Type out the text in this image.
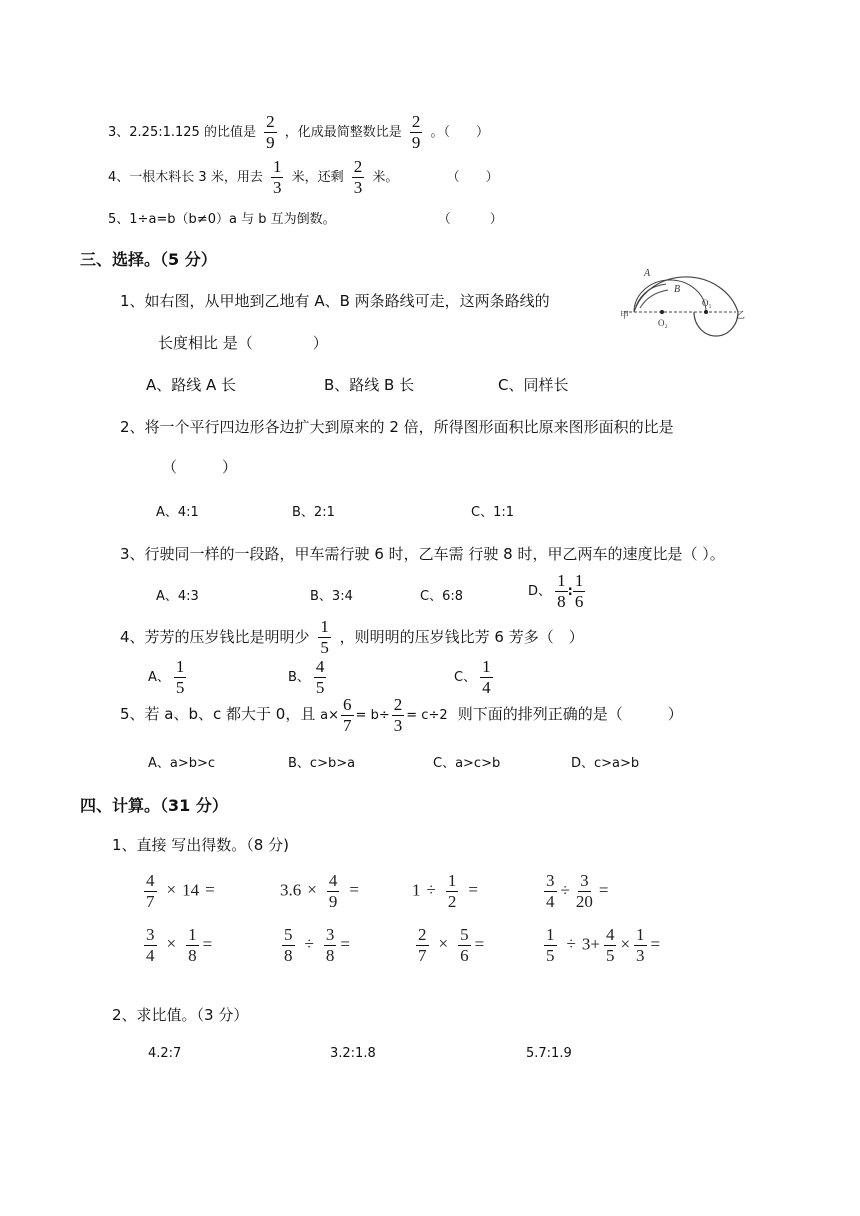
3、2.25:1.125 的比值是 $\frac{2}{9}$ ，化成最简整数比是 $\frac{2}{9}$ 。（　　）
4、一根木料长 3 米，用去 $\frac{1}{3}$ 米，还剩 $\frac{2}{3}$ 米。	（　　）
5、1÷a=b（b≠0）a 与 b 互为倒数。	（　　　）
三、选择。（5 分）
1、如右图，从甲地到乙地有 A、B 两条路线可走，这两条路线的
长度相比 是（　　　　）
A
B
O₁
O₂
甲	乙
A、路线 A 长	B、路线 B 长	C、同样长
2、将一个平行四边形各边扩大到原来的 2 倍，所得图形面积比原来图形面积的比是
（　　　）
A、4:1	B、2:1	C、1:1
3、行驶同一样的一段路，甲车需行驶 6 时，乙车需 行驶 8 时，甲乙两车的速度比是（ ）。
A、4:3	B、3:4	C、6:8	D、 $\frac{1}{8}$ : $\frac{1}{6}$
4、芳芳的压岁钱比是明明少 $\frac{1}{5}$ ，则明明的压岁钱比芳 6 芳多（　）
A、 $\frac{1}{5}$	B、 $\frac{4}{5}$	C、 $\frac{1}{4}$
5、若 a、b、c 都大于 0，且 $a\times \frac{6}{7} = b\div \frac{2}{3} = c\div 2$ 则下面的排列正确的是（　　　）
A、a>b>c	B、c>b>a	C、a>c>b	D、c>a>b
四、计算。（31 分）
1、直接 写出得数。（8 分)
$\frac{4}{7} \times 14$ =	$3.6 \times \frac{4}{9}$ =	$1 \div \frac{1}{2}$ =	$\frac{3}{4} \div \frac{3}{20}$ =
$\frac{3}{4} \times \frac{1}{8}$ =	$\frac{5}{8} \div \frac{3}{8}$ =	$\frac{2}{7} \times \frac{5}{6}$ =	$\frac{1}{5} \div 3+ \frac{4}{5} \times \frac{1}{3}$ =
2、求比值。（3 分）
4.2:7	3.2:1.8	5.7:1.9
